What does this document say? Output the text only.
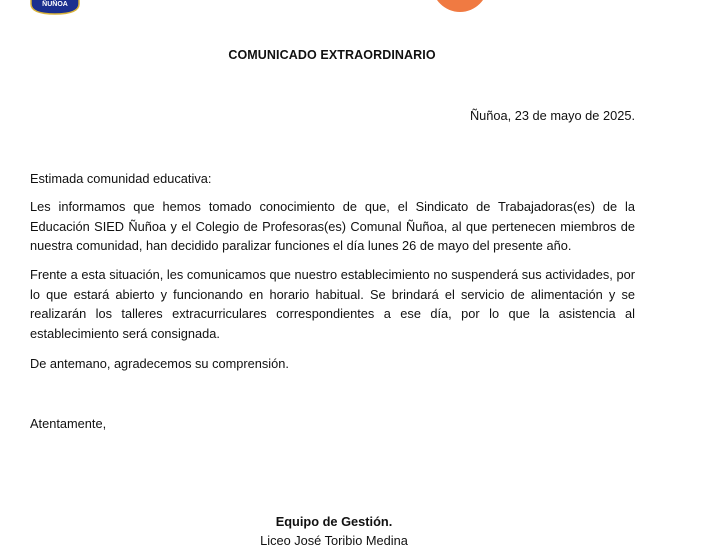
ÑUÑOA
COMUNICADO EXTRAORDINARIO
Ñuñoa, 23 de mayo de 2025.
Estimada comunidad educativa:

Les informamos que hemos tomado conocimiento de que, el Sindicato de Trabajadoras(es) de la Educación SIED Ñuñoa y el Colegio de Profesoras(es) Comunal Ñuñoa, al que pertenecen miembros de nuestra comunidad, han decidido paralizar funciones el día lunes 26 de mayo del presente año.

Frente a esta situación, les comunicamos que nuestro establecimiento no suspenderá sus actividades, por lo que estará abierto y funcionando en horario habitual. Se brindará el servicio de alimentación y se realizarán los talleres extracurriculares correspondientes a ese día, por lo que la asistencia al establecimiento será consignada.

De antemano, agradecemos su comprensión.

Atentamente,
Equipo de Gestión.
Liceo José Toribio Medina
